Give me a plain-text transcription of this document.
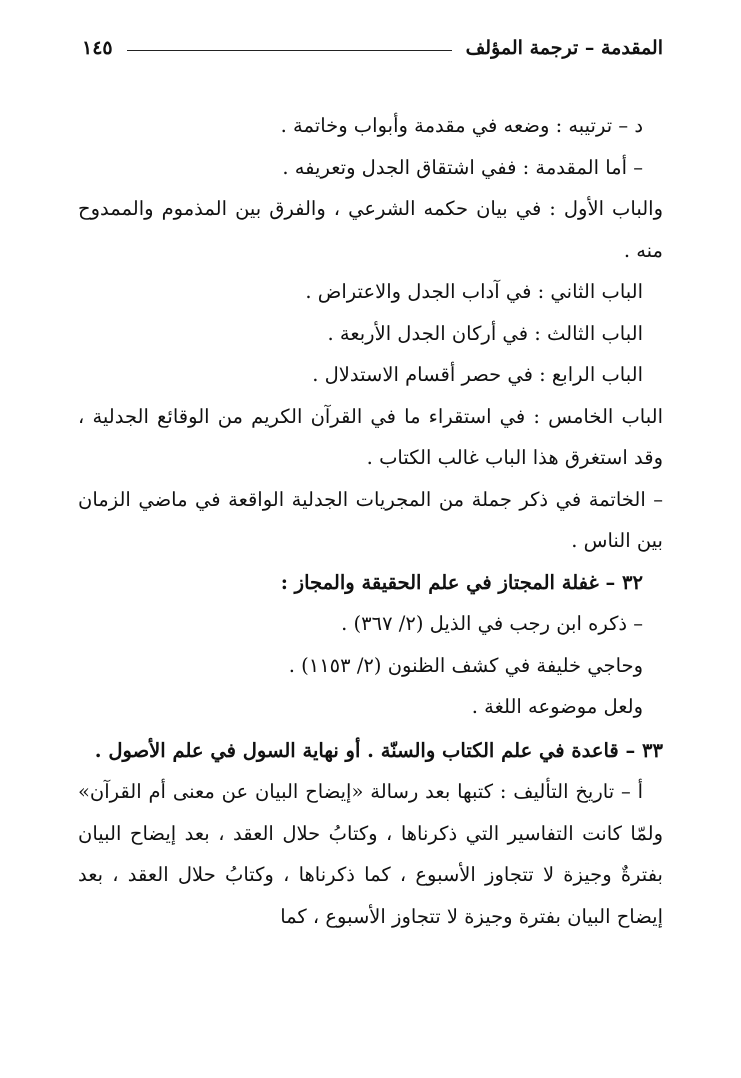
المقدمة – ترجمة المؤلف
١٤٥

د – ترتيبه : وضعه في مقدمة وأبواب وخاتمة .

– أما المقدمة : ففي اشتقاق الجدل وتعريفه .

والباب الأول : في بيان حكمه الشرعي ، والفرق بين المذموم والممدوح منه .

الباب الثاني : في آداب الجدل والاعتراض .

الباب الثالث : في أركان الجدل الأربعة .

الباب الرابع : في حصر أقسام الاستدلال .

الباب الخامس : في استقراء ما في القرآن الكريم من الوقائع الجدلية ، وقد استغرق هذا الباب غالب الكتاب .

– الخاتمة في ذكر جملة من المجريات الجدلية الواقعة في ماضي الزمان بين الناس .

٣٢ – غفلة المجتاز في علم الحقيقة والمجاز :

– ذكره ابن رجب في الذيل (٢/ ٣٦٧) .

وحاجي خليفة في كشف الظنون (٢/ ١١٥٣) .

ولعل موضوعه اللغة .

٣٣ – قاعدة في علم الكتاب والسنّة . أو نهاية السول في علم الأصول .

أ – تاريخ التأليف : كتبها بعد رسالة «إيضاح البيان عن معنى أم القرآن» ولمّا كانت التفاسير التي ذكرناها ، وكتابُ حلال العقد ، بعد إيضاح البيان بفترةٌ وجيزة لا تتجاوز الأسبوع ، كما ذكرناها ، وكتابُ حلال العقد ، بعد إيضاح البيان بفترة وجيزة لا تتجاوز الأسبوع ، كما
